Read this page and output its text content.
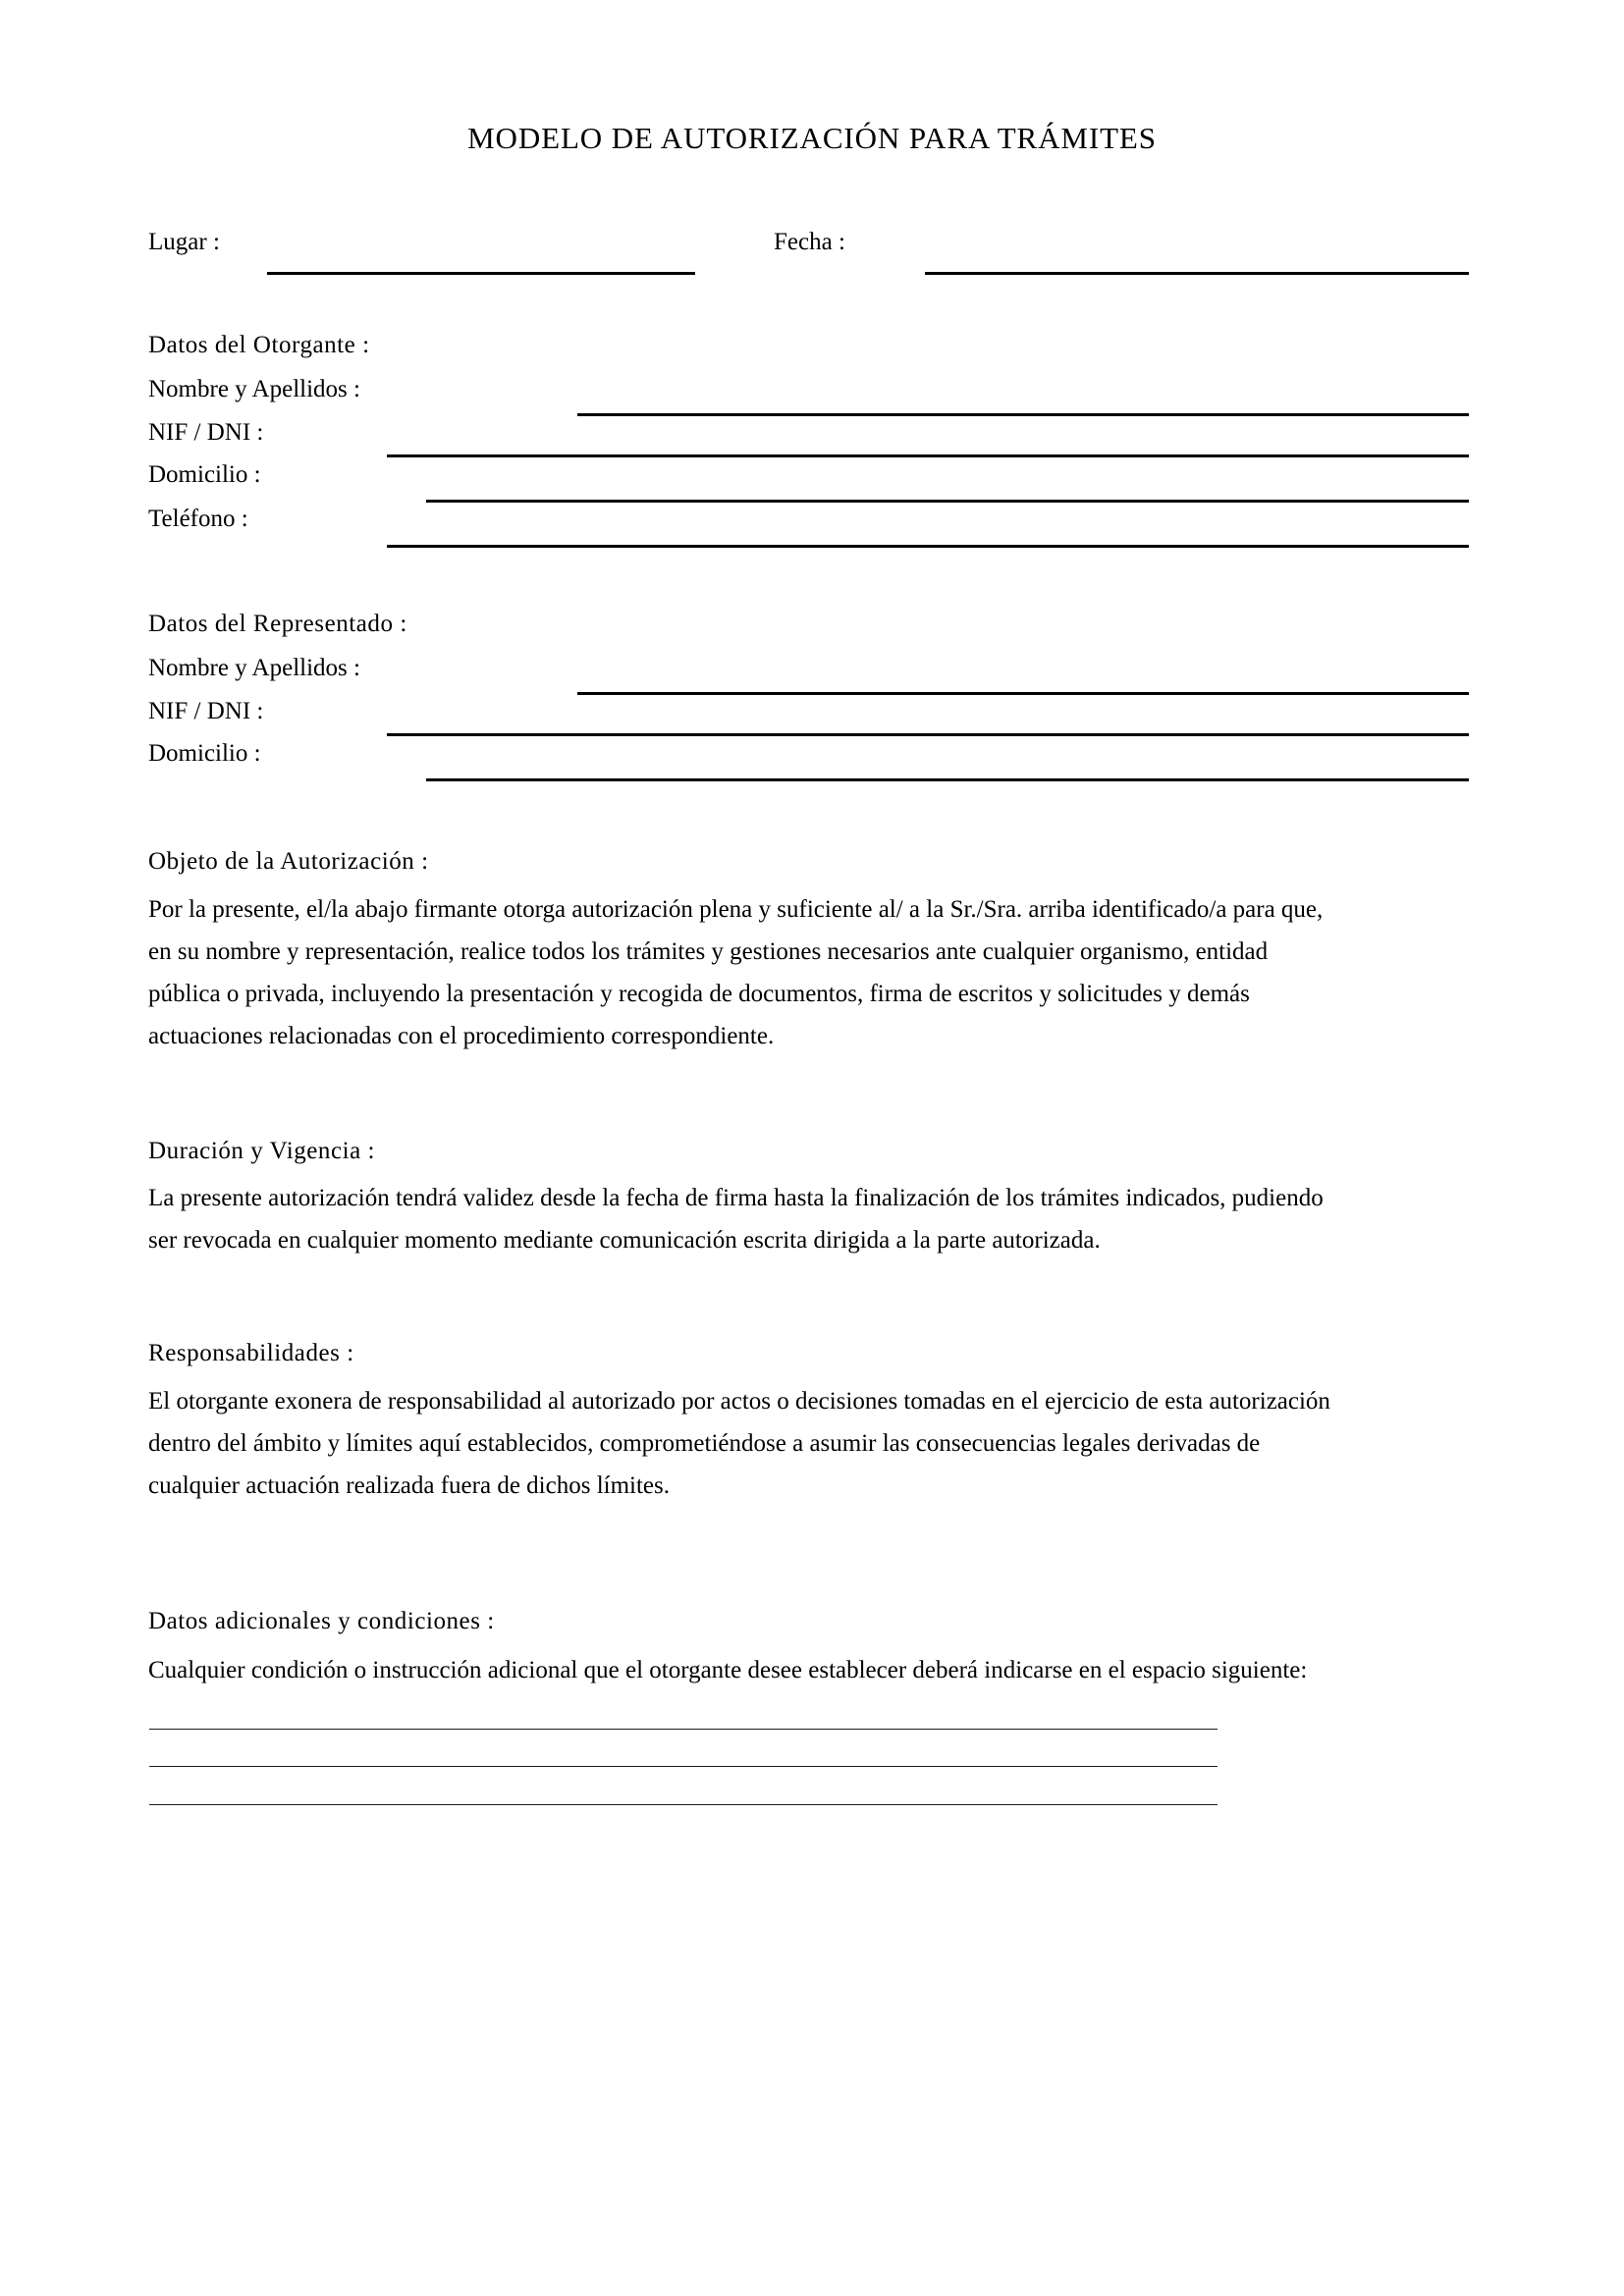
MODELO DE AUTORIZACIÓN PARA TRÁMITES
Lugar :	Fecha :
Datos del Otorgante :
Nombre y Apellidos :
NIF / DNI :
Domicilio :
Teléfono :
Datos del Representado :
Nombre y Apellidos :
NIF / DNI :
Domicilio :
Objeto de la Autorización :

Por la presente, el/la abajo firmante otorga autorización plena y suficiente al/ a la Sr./Sra. arriba identificado/a para que,

en su nombre y representación, realice todos los trámites y gestiones necesarios ante cualquier organismo, entidad

pública o privada, incluyendo la presentación y recogida de documentos, firma de escritos y solicitudes y demás

actuaciones relacionadas con el procedimiento correspondiente.

Duración y Vigencia :

La presente autorización tendrá validez desde la fecha de firma hasta la finalización de los trámites indicados, pudiendo

ser revocada en cualquier momento mediante comunicación escrita dirigida a la parte autorizada.

Responsabilidades :

El otorgante exonera de responsabilidad al autorizado por actos o decisiones tomadas en el ejercicio de esta autorización

dentro del ámbito y límites aquí establecidos, comprometiéndose a asumir las consecuencias legales derivadas de

cualquier actuación realizada fuera de dichos límites.

Datos adicionales y condiciones :

Cualquier condición o instrucción adicional que el otorgante desee establecer deberá indicarse en el espacio siguiente:
